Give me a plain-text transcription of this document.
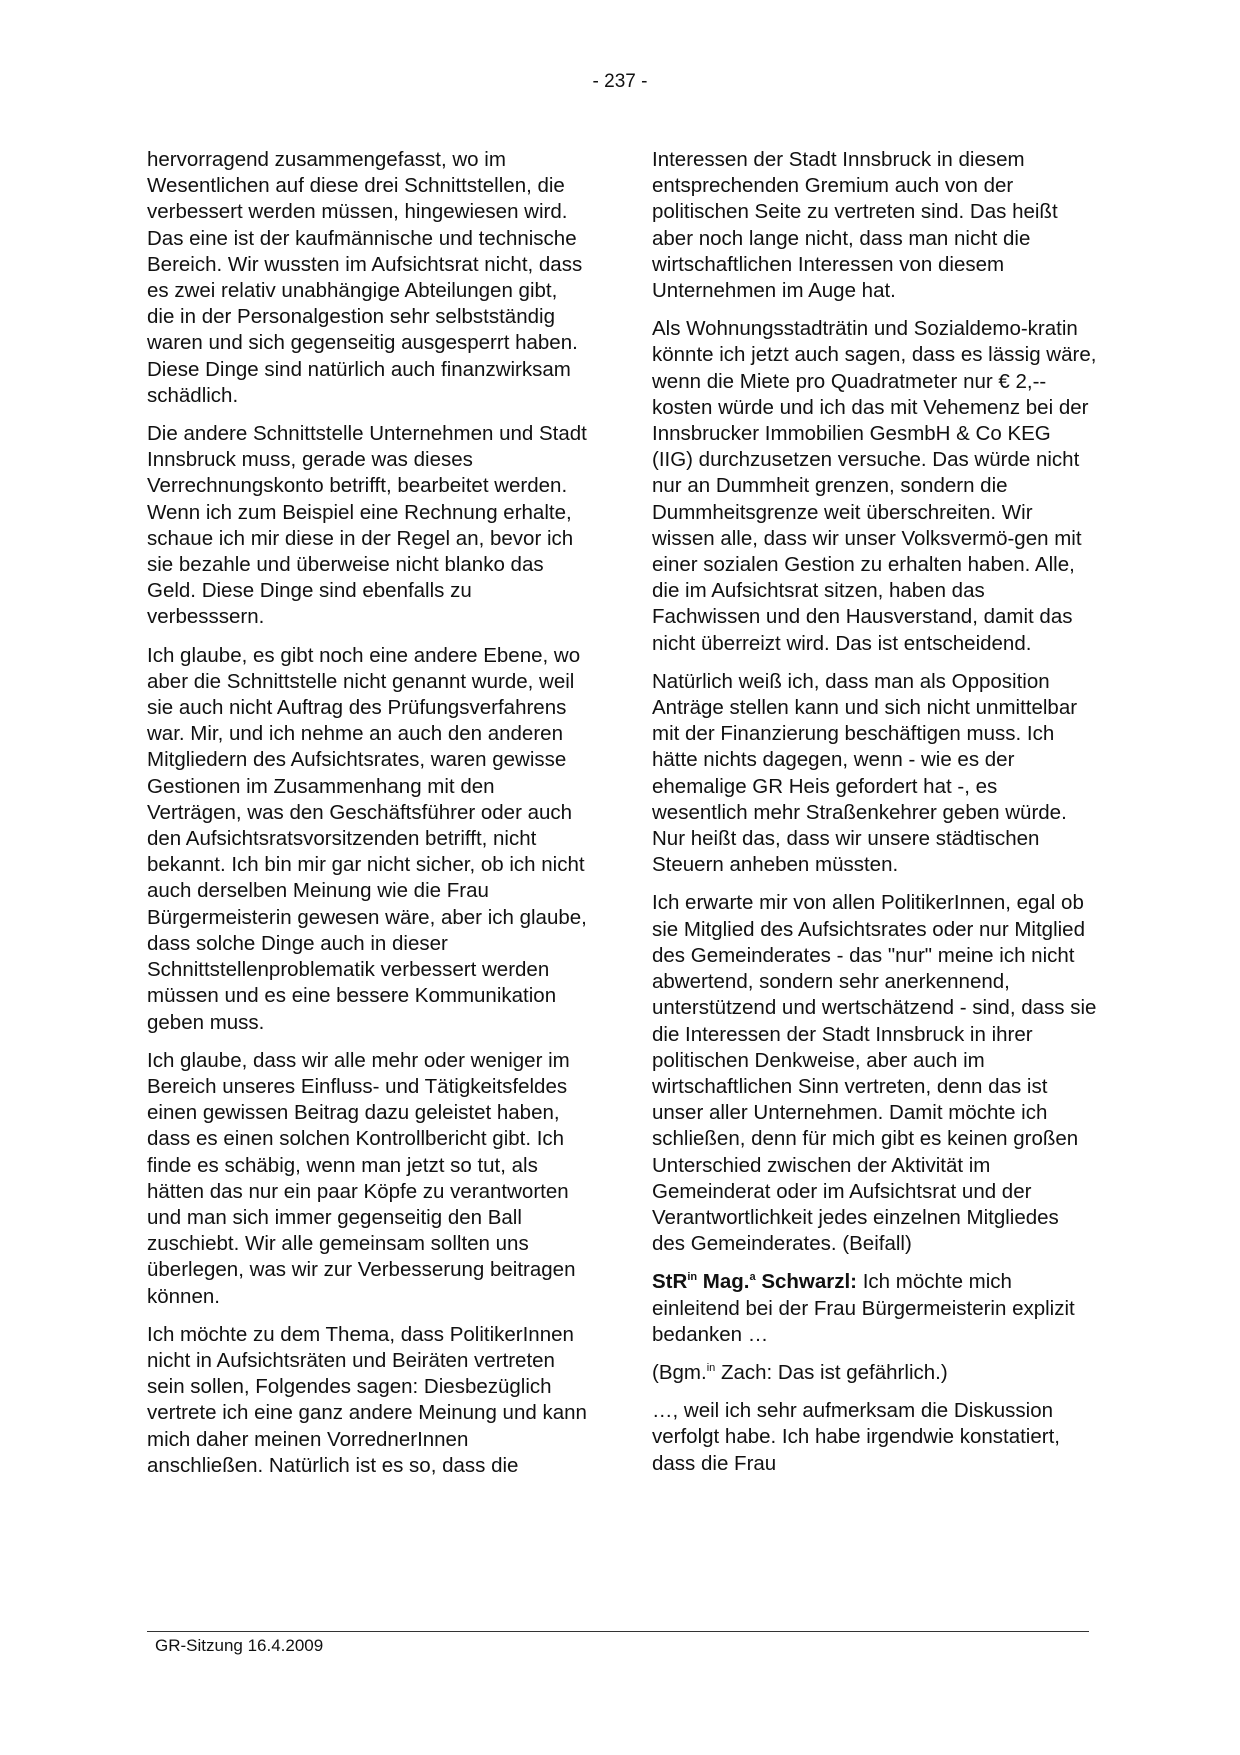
- 237 -

hervorragend zusammengefasst, wo im Wesentlichen auf diese drei Schnittstellen, die verbessert werden müssen, hingewiesen wird. Das eine ist der kaufmännische und technische Bereich. Wir wussten im Aufsichtsrat nicht, dass es zwei relativ unabhängige Abteilungen gibt, die in der Personalgestion sehr selbstständig waren und sich gegenseitig ausgesperrt haben. Diese Dinge sind natürlich auch finanzwirksam schädlich.

Die andere Schnittstelle Unternehmen und Stadt Innsbruck muss, gerade was dieses Verrechnungskonto betrifft, bearbeitet werden. Wenn ich zum Beispiel eine Rechnung erhalte, schaue ich mir diese in der Regel an, bevor ich sie bezahle und überweise nicht blanko das Geld. Diese Dinge sind ebenfalls zu verbesssern.

Ich glaube, es gibt noch eine andere Ebene, wo aber die Schnittstelle nicht genannt wurde, weil sie auch nicht Auftrag des Prüfungsverfahrens war. Mir, und ich nehme an auch den anderen Mitgliedern des Aufsichtsrates, waren gewisse Gestionen im Zusammenhang mit den Verträgen, was den Geschäftsführer oder auch den Aufsichtsratsvorsitzenden betrifft, nicht bekannt. Ich bin mir gar nicht sicher, ob ich nicht auch derselben Meinung wie die Frau Bürgermeisterin gewesen wäre, aber ich glaube, dass solche Dinge auch in dieser Schnittstellenproblematik verbessert werden müssen und es eine bessere Kommunikation geben muss.

Ich glaube, dass wir alle mehr oder weniger im Bereich unseres Einfluss- und Tätigkeitsfeldes einen gewissen Beitrag dazu geleistet haben, dass es einen solchen Kontrollbericht gibt. Ich finde es schäbig, wenn man jetzt so tut, als hätten das nur ein paar Köpfe zu verantworten und man sich immer gegenseitig den Ball zuschiebt. Wir alle gemeinsam sollten uns überlegen, was wir zur Verbesserung beitragen können.

Ich möchte zu dem Thema, dass PolitikerInnen nicht in Aufsichtsräten und Beiräten vertreten sein sollen, Folgendes sagen: Diesbezüglich vertrete ich eine ganz andere Meinung und kann mich daher meinen VorrednerInnen anschließen. Natürlich ist es so, dass die

Interessen der Stadt Innsbruck in diesem entsprechenden Gremium auch von der politischen Seite zu vertreten sind. Das heißt aber noch lange nicht, dass man nicht die wirtschaftlichen Interessen von diesem Unternehmen im Auge hat.

Als Wohnungsstadträtin und Sozialdemo-kratin könnte ich jetzt auch sagen, dass es lässig wäre, wenn die Miete pro Quadratmeter nur € 2,-- kosten würde und ich das mit Vehemenz bei der Innsbrucker Immobilien GesmbH & Co KEG (IIG) durchzusetzen versuche. Das würde nicht nur an Dummheit grenzen, sondern die Dummheitsgrenze weit überschreiten. Wir wissen alle, dass wir unser Volksvermö-gen mit einer sozialen Gestion zu erhalten haben. Alle, die im Aufsichtsrat sitzen, haben das Fachwissen und den Hausverstand, damit das nicht überreizt wird. Das ist entscheidend.

Natürlich weiß ich, dass man als Opposition Anträge stellen kann und sich nicht unmittelbar mit der Finanzierung beschäftigen muss. Ich hätte nichts dagegen, wenn - wie es der ehemalige GR Heis gefordert hat -, es wesentlich mehr Straßenkehrer geben würde. Nur heißt das, dass wir unsere städtischen Steuern anheben müssten.

Ich erwarte mir von allen PolitikerInnen, egal ob sie Mitglied des Aufsichtsrates oder nur Mitglied des Gemeinderates - das "nur" meine ich nicht abwertend, sondern sehr anerkennend, unterstützend und wertschätzend - sind, dass sie die Interessen der Stadt Innsbruck in ihrer politischen Denkweise, aber auch im wirtschaftlichen Sinn vertreten, denn das ist unser aller Unternehmen. Damit möchte ich schließen, denn für mich gibt es keinen großen Unterschied zwischen der Aktivität im Gemeinderat oder im Aufsichtsrat und der Verantwortlichkeit jedes einzelnen Mitgliedes des Gemeinderates. (Beifall)

StR$^{in}$ Mag.$^a$ Schwarzl: Ich möchte mich einleitend bei der Frau Bürgermeisterin explizit bedanken …

(Bgm.$^{in}$ Zach: Das ist gefährlich.)

…, weil ich sehr aufmerksam die Diskussion verfolgt habe. Ich habe irgendwie konstatiert, dass die Frau

GR-Sitzung 16.4.2009
